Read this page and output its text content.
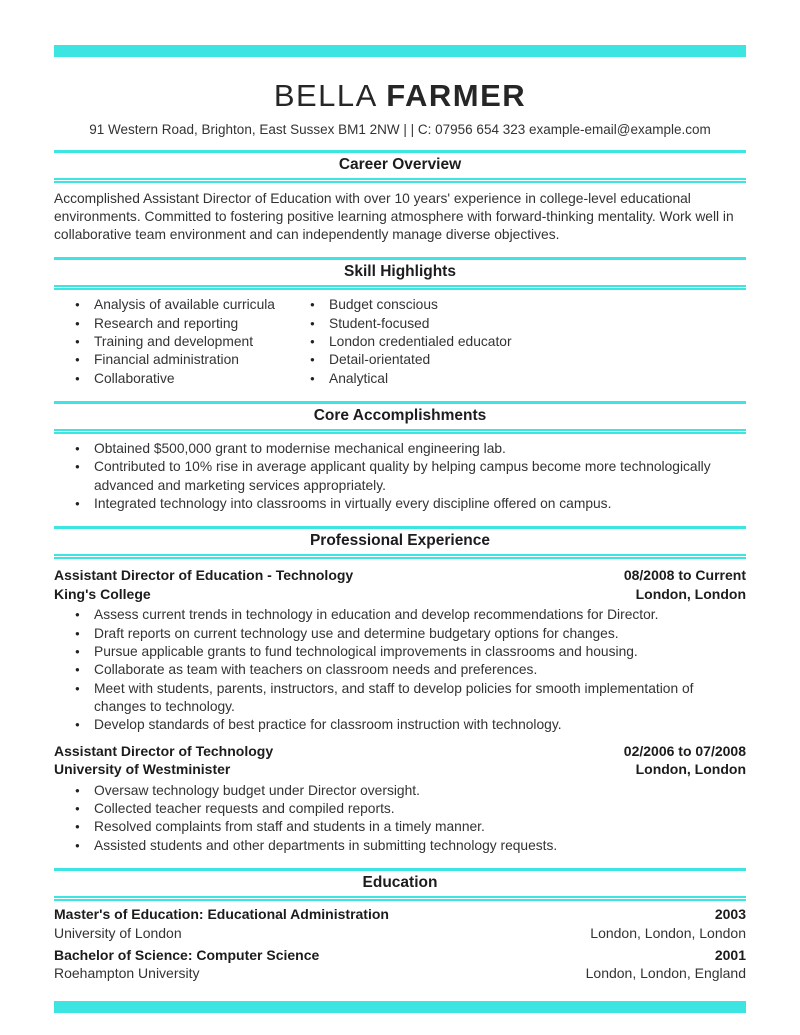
BELLA FARMER

91 Western Road, Brighton, East Sussex BM1 2NW | | C: 07956 654 323 example-email@example.com

Career Overview

Accomplished Assistant Director of Education with over 10 years' experience in college-level educational environments. Committed to fostering positive learning atmosphere with forward-thinking mentality. Work well in collaborative team environment and can independently manage diverse objectives.

Skill Highlights
● Analysis of available curricula
● Research and reporting
● Training and development
● Financial administration
● Collaborative
● Budget conscious
● Student-focused
● London credentialed educator
● Detail-orientated
● Analytical
Core Accomplishments
● Obtained $500,000 grant to modernise mechanical engineering lab.
● Contributed to 10% rise in average applicant quality by helping campus become more technologically advanced and marketing services appropriately.
● Integrated technology into classrooms in virtually every discipline offered on campus.
Professional Experience
Assistant Director of Education - Technology	08/2008 to Current
King's College	London, London
● Assess current trends in technology in education and develop recommendations for Director.
● Draft reports on current technology use and determine budgetary options for changes.
● Pursue applicable grants to fund technological improvements in classrooms and housing.
● Collaborate as team with teachers on classroom needs and preferences.
● Meet with students, parents, instructors, and staff to develop policies for smooth implementation of changes to technology.
● Develop standards of best practice for classroom instruction with technology.
Assistant Director of Technology	02/2006 to 07/2008
University of Westminister	London, London
● Oversaw technology budget under Director oversight.
● Collected teacher requests and compiled reports.
● Resolved complaints from staff and students in a timely manner.
● Assisted students and other departments in submitting technology requests.
Education
Master's of Education: Educational Administration	2003
University of London	London, London, London
Bachelor of Science: Computer Science	2001
Roehampton University	London, London, England
